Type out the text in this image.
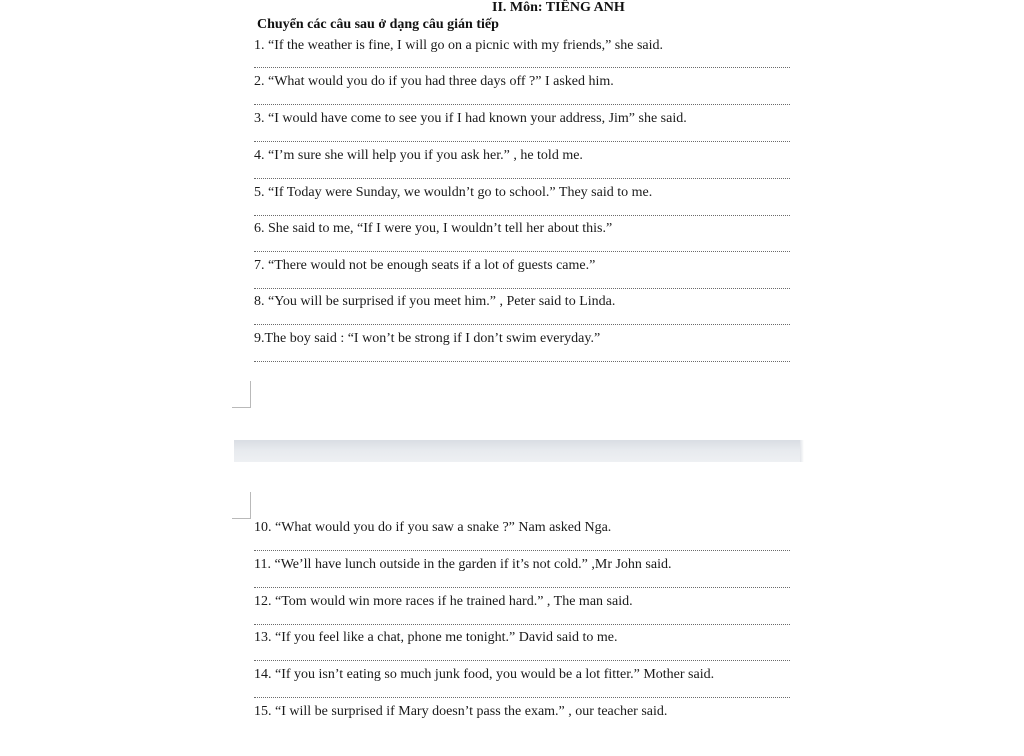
II. Môn: TIẾNG ANH
Chuyển các câu sau ở dạng câu gián tiếp
1. “If the weather is fine, I will go on a picnic with my friends,” she said.
2. “What would you do if you had three days off ?” I asked him.
3. “I would have come to see you if I had known your address, Jim” she said.
4. “I’m sure she will help you if you ask her.” , he told me.
5. “If Today were Sunday, we wouldn’t go to school.” They said to me.
6. She said to me, “If I were you, I wouldn’t tell her about this.”
7. “There would not be enough seats if a lot of guests came.”
8. “You will be surprised if you meet him.” , Peter said to Linda.
9.The boy said : “I won’t be strong if I don’t swim everyday.”
10. “What would you do if you saw a snake ?” Nam asked Nga.
11. “We’ll have lunch outside in the garden if it’s not cold.” ,Mr John said.
12. “Tom would win more races if he trained hard.” , The man said.
13. “If you feel like a chat, phone me tonight.” David said to me.
14. “If you isn’t eating so much junk food, you would be a lot fitter.” Mother said.
15. “I will be surprised if Mary doesn’t pass the exam.” , our teacher said.
